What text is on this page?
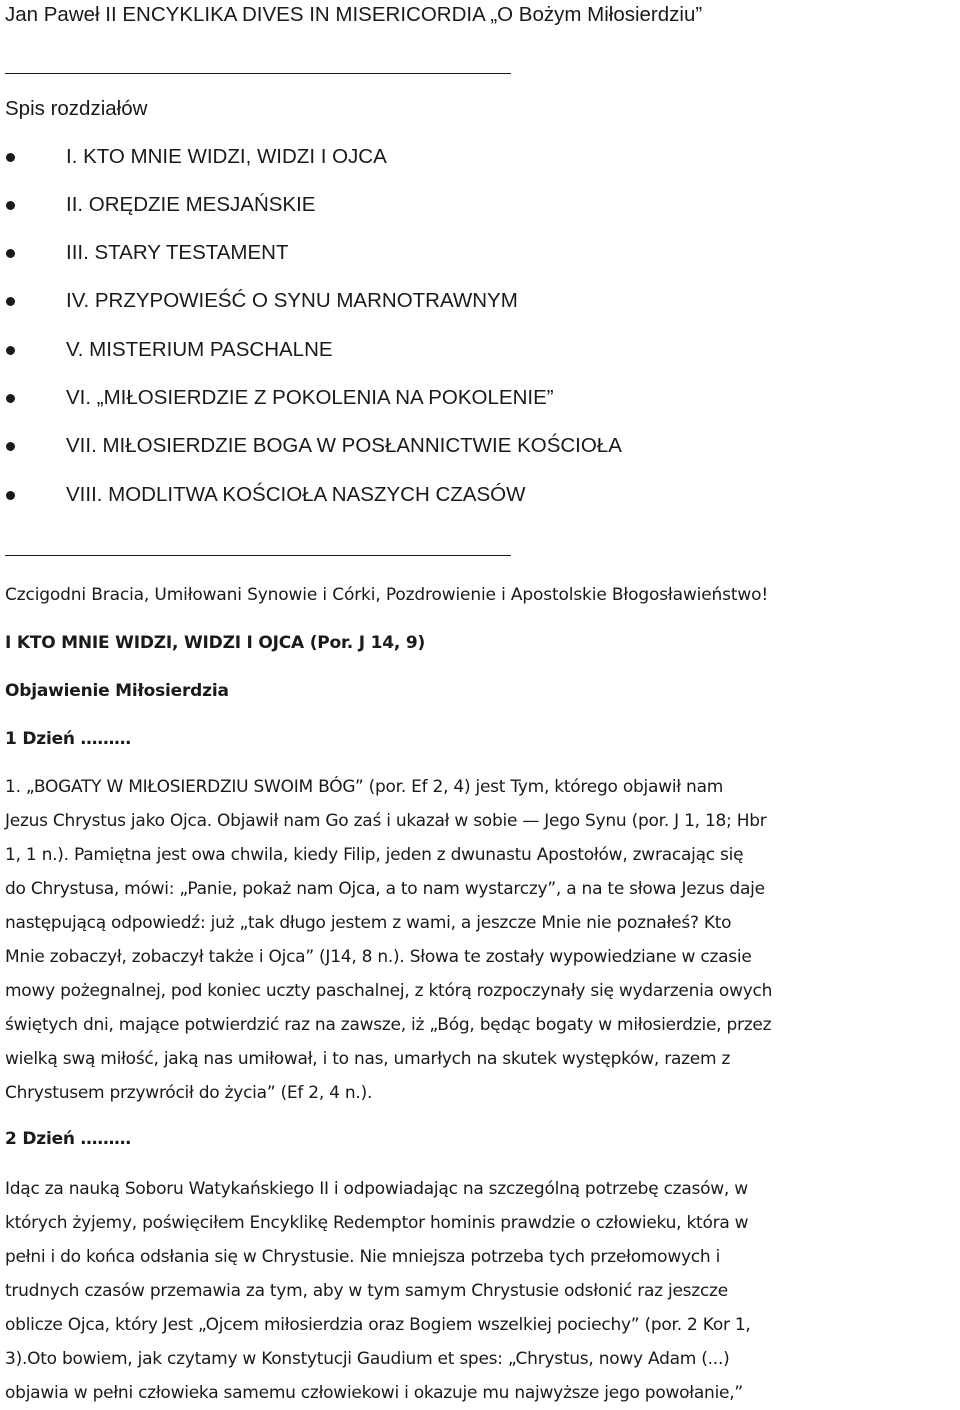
Jan Paweł II ENCYKLIKA DIVES IN MISERICORDIA „O Bożym Miłosierdziu”
Spis rozdziałów
I. KTO MNIE WIDZI, WIDZI I OJCA
II. ORĘDZIE MESJAŃSKIE
III. STARY TESTAMENT
IV. PRZYPOWIEŚĆ O SYNU MARNOTRAWNYM
V. MISTERIUM PASCHALNE
VI. „MIŁOSIERDZIE Z POKOLENIA NA POKOLENIE”
VII. MIŁOSIERDZIE BOGA W POSŁANNICTWIE KOŚCIOŁA
VIII. MODLITWA KOŚCIOŁA NASZYCH CZASÓW
Czcigodni Bracia, Umiłowani Synowie i Córki, Pozdrowienie i Apostolskie Błogosławieństwo!
I KTO MNIE WIDZI, WIDZI I OJCA (Por. J 14, 9)
Objawienie Miłosierdzia
1 Dzień ………
1. „BOGATY W MIŁOSIERDZIU SWOIM BÓG” (por. Ef 2, 4) jest Tym, którego objawił nam
Jezus Chrystus jako Ojca. Objawił nam Go zaś i ukazał w sobie — Jego Synu (por. J 1, 18; Hbr
1, 1 n.). Pamiętna jest owa chwila, kiedy Filip, jeden z dwunastu Apostołów, zwracając się
do Chrystusa, mówi: „Panie, pokaż nam Ojca, a to nam wystarczy”, a na te słowa Jezus daje
następującą odpowiedź: już „tak długo jestem z wami, a jeszcze Mnie nie poznałeś? Kto
Mnie zobaczył, zobaczył także i Ojca” (J14, 8 n.). Słowa te zostały wypowiedziane w czasie
mowy pożegnalnej, pod koniec uczty paschalnej, z którą rozpoczynały się wydarzenia owych
świętych dni, mające potwierdzić raz na zawsze, iż „Bóg, będąc bogaty w miłosierdzie, przez
wielką swą miłość, jaką nas umiłował, i to nas, umarłych na skutek występków, razem z
Chrystusem przywrócił do życia” (Ef 2, 4 n.).
2 Dzień ………
Idąc za nauką Soboru Watykańskiego II i odpowiadając na szczególną potrzebę czasów, w
których żyjemy, poświęciłem Encyklikę Redemptor hominis prawdzie o człowieku, która w
pełni i do końca odsłania się w Chrystusie. Nie mniejsza potrzeba tych przełomowych i
trudnych czasów przemawia za tym, aby w tym samym Chrystusie odsłonić raz jeszcze
oblicze Ojca, który Jest „Ojcem miłosierdzia oraz Bogiem wszelkiej pociechy” (por. 2 Kor 1,
3).Oto bowiem, jak czytamy w Konstytucji Gaudium et spes: „Chrystus, nowy Adam (...)
objawia w pełni człowieka samemu człowiekowi i okazuje mu najwyższe jego powołanie,”
